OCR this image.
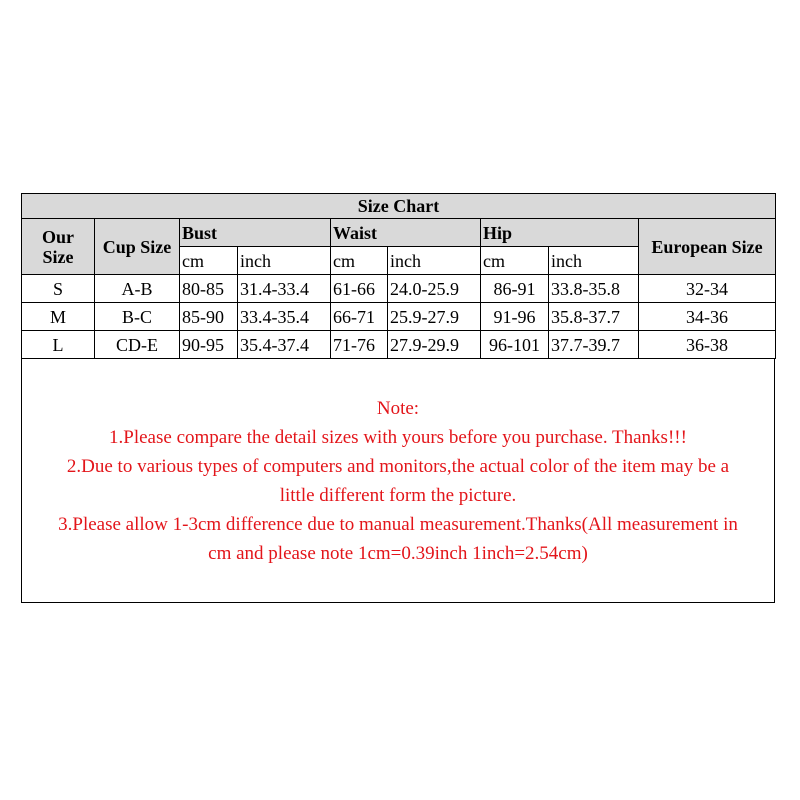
Size Chart								
Our
Size	Cup Size	Bust		Waist		Hip		European Size
		cm	inch	cm	inch	cm	inch	
S	A-B	80-85	31.4-33.4	61-66	24.0-25.9	86-91	33.8-35.8	32-34
M	B-C	85-90	33.4-35.4	66-71	25.9-27.9	91-96	35.8-37.7	34-36
L	CD-E	90-95	35.4-37.4	71-76	27.9-29.9	96-101	37.7-39.7	36-38
Note:
1.Please compare the detail sizes with yours before you purchase. Thanks!!!
2.Due to various types of computers and monitors,the actual color of the item may be a
little different form the picture.
3.Please allow 1-3cm difference due to manual measurement.Thanks(All measurement in
cm and please note 1cm=0.39inch 1inch=2.54cm)
